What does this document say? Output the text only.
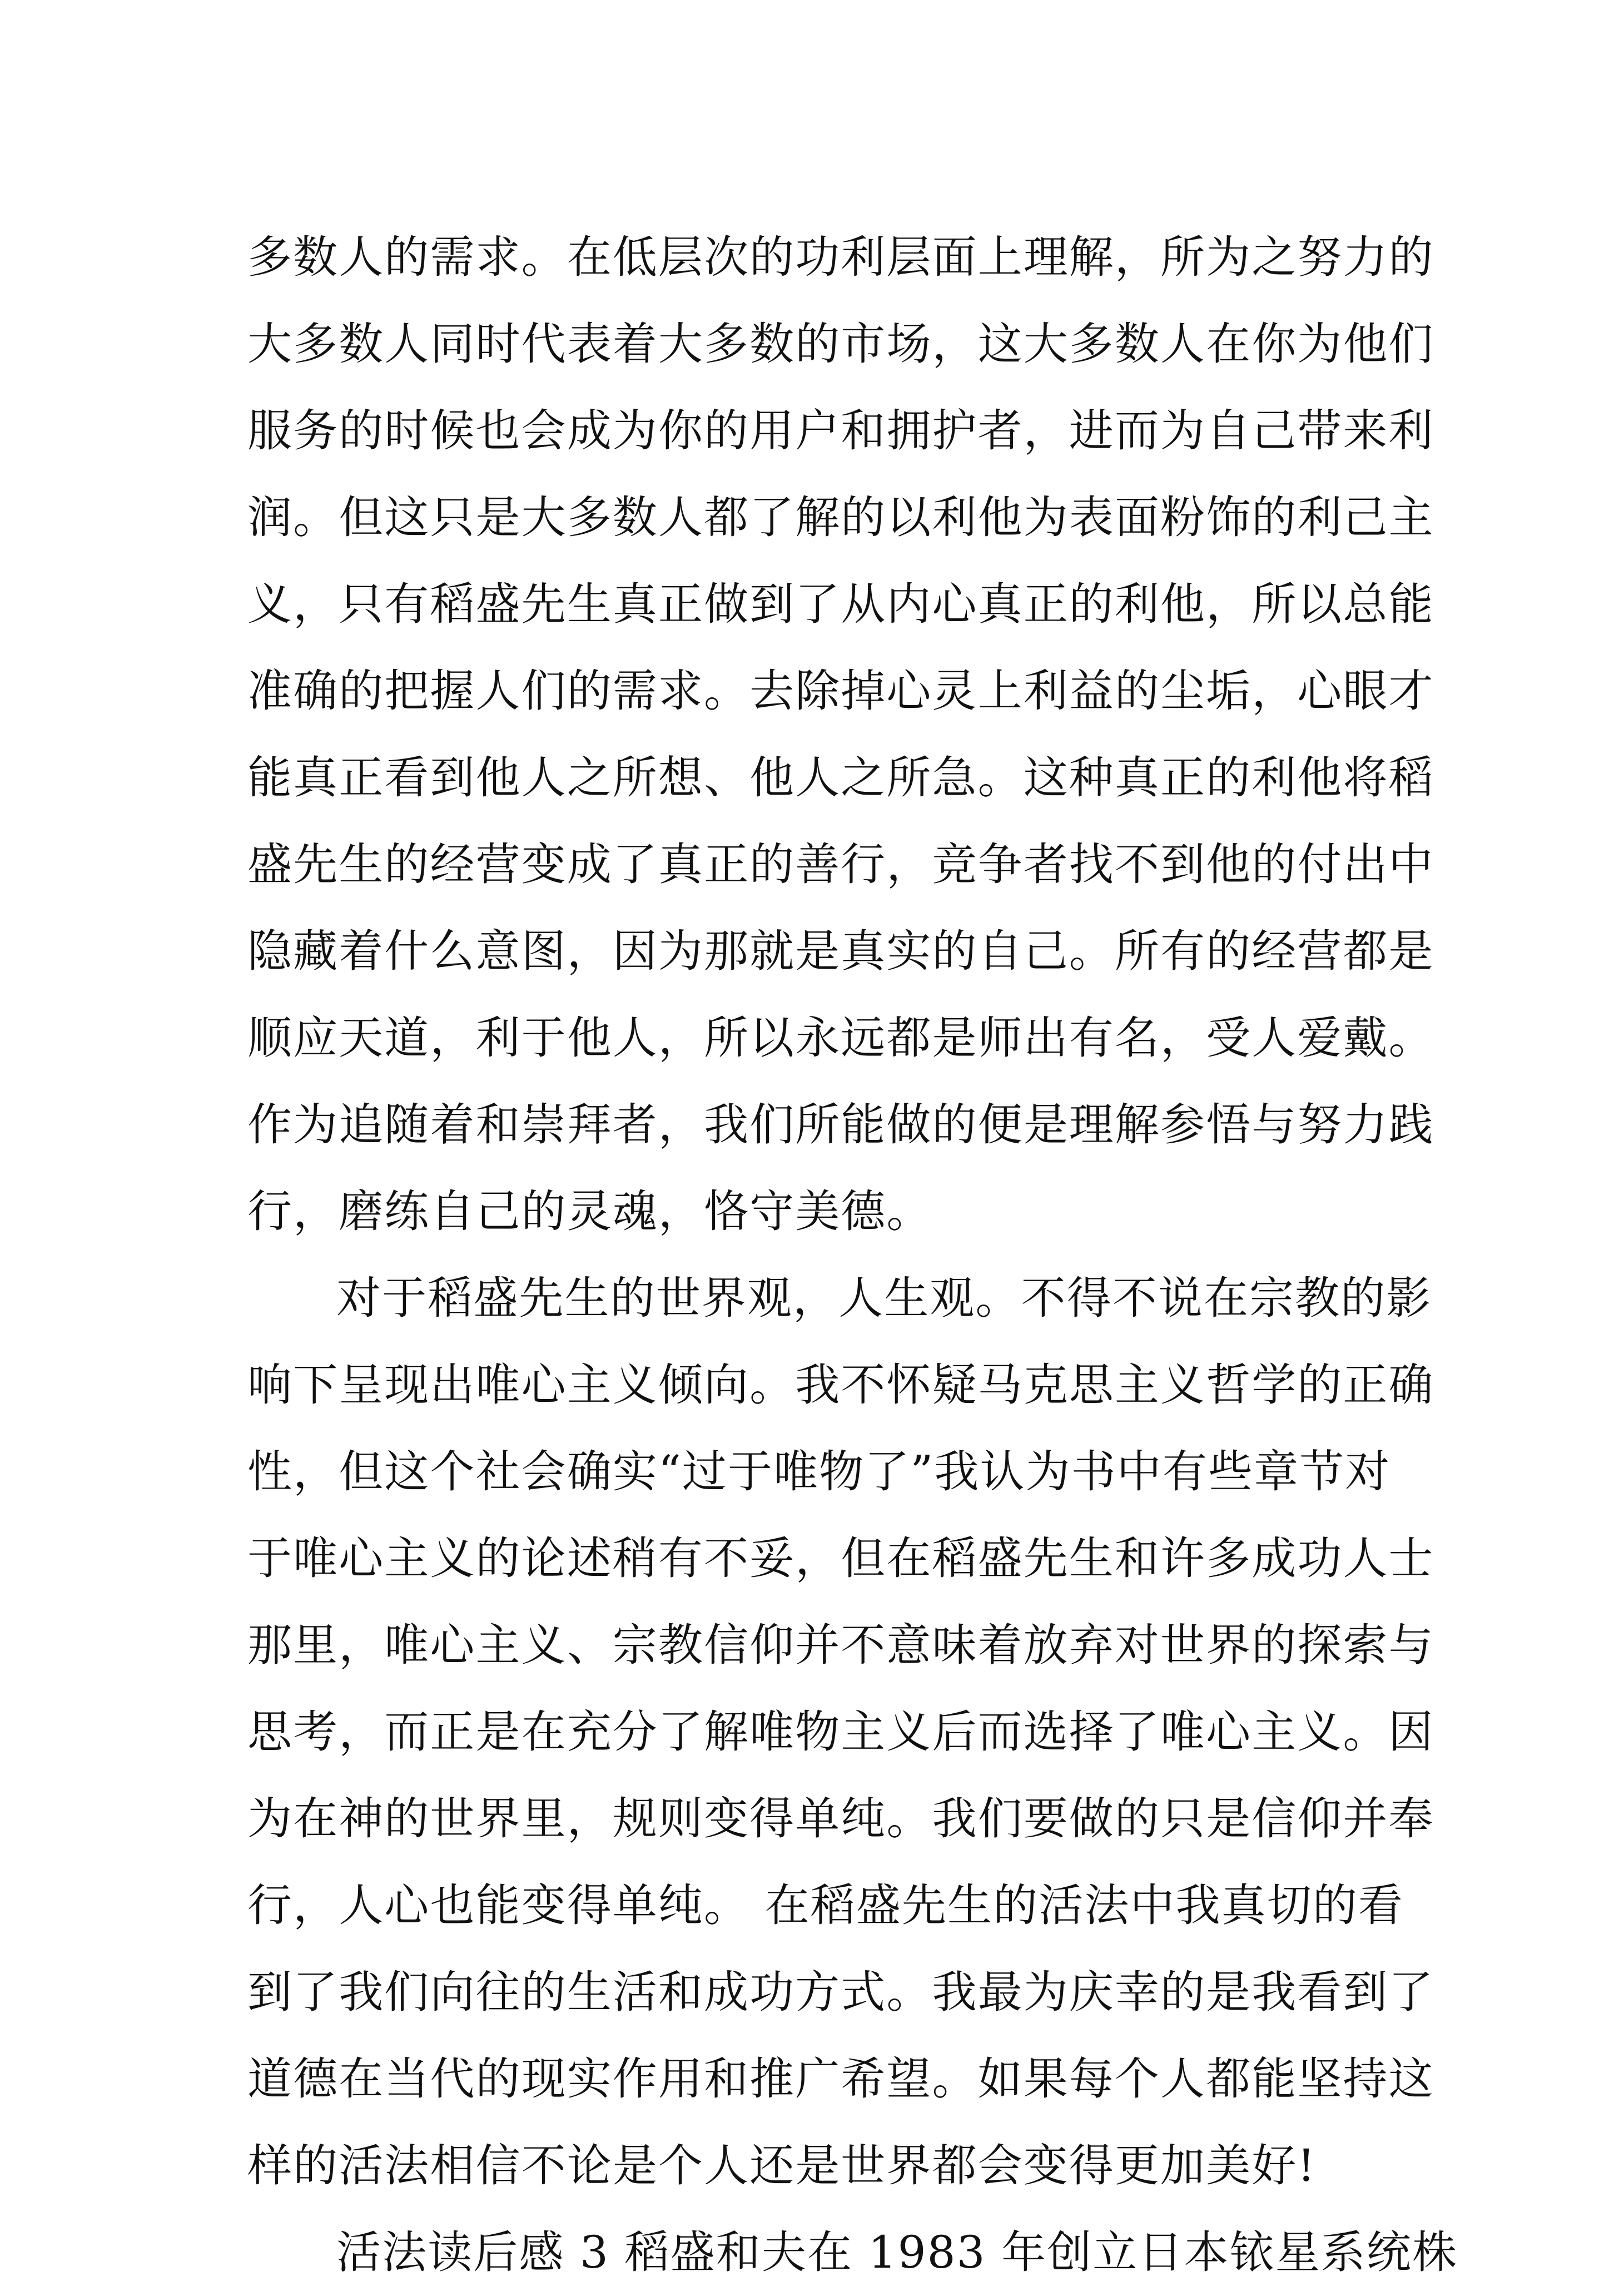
多数人的需求。在低层次的功利层面上理解，所为之努力的
大多数人同时代表着大多数的市场，这大多数人在你为他们
服务的时候也会成为你的用户和拥护者，进而为自己带来利
润。但这只是大多数人都了解的以利他为表面粉饰的利己主
义，只有稻盛先生真正做到了从内心真正的利他，所以总能
准确的把握人们的需求。去除掉心灵上利益的尘垢，心眼才
能真正看到他人之所想、他人之所急。这种真正的利他将稻
盛先生的经营变成了真正的善行，竞争者找不到他的付出中
隐藏着什么意图，因为那就是真实的自己。所有的经营都是
顺应天道，利于他人，所以永远都是师出有名，受人爱戴。
作为追随着和崇拜者，我们所能做的便是理解参悟与努力践
行，磨练自己的灵魂，恪守美德。
对于稻盛先生的世界观，人生观。不得不说在宗教的影
响下呈现出唯心主义倾向。我不怀疑马克思主义哲学的正确
性，但这个社会确实“过于唯物了”我认为书中有些章节对
于唯心主义的论述稍有不妥，但在稻盛先生和许多成功人士
那里，唯心主义、宗教信仰并不意味着放弃对世界的探索与
思考，而正是在充分了解唯物主义后而选择了唯心主义。因
为在神的世界里，规则变得单纯。我们要做的只是信仰并奉
行，人心也能变得单纯。 在稻盛先生的活法中我真切的看
到了我们向往的生活和成功方式。我最为庆幸的是我看到了
道德在当代的现实作用和推广希望。如果每个人都能坚持这
样的活法相信不论是个人还是世界都会变得更加美好!
活法读后感 3 稻盛和夫在 1983 年创立日本铱星系统株
